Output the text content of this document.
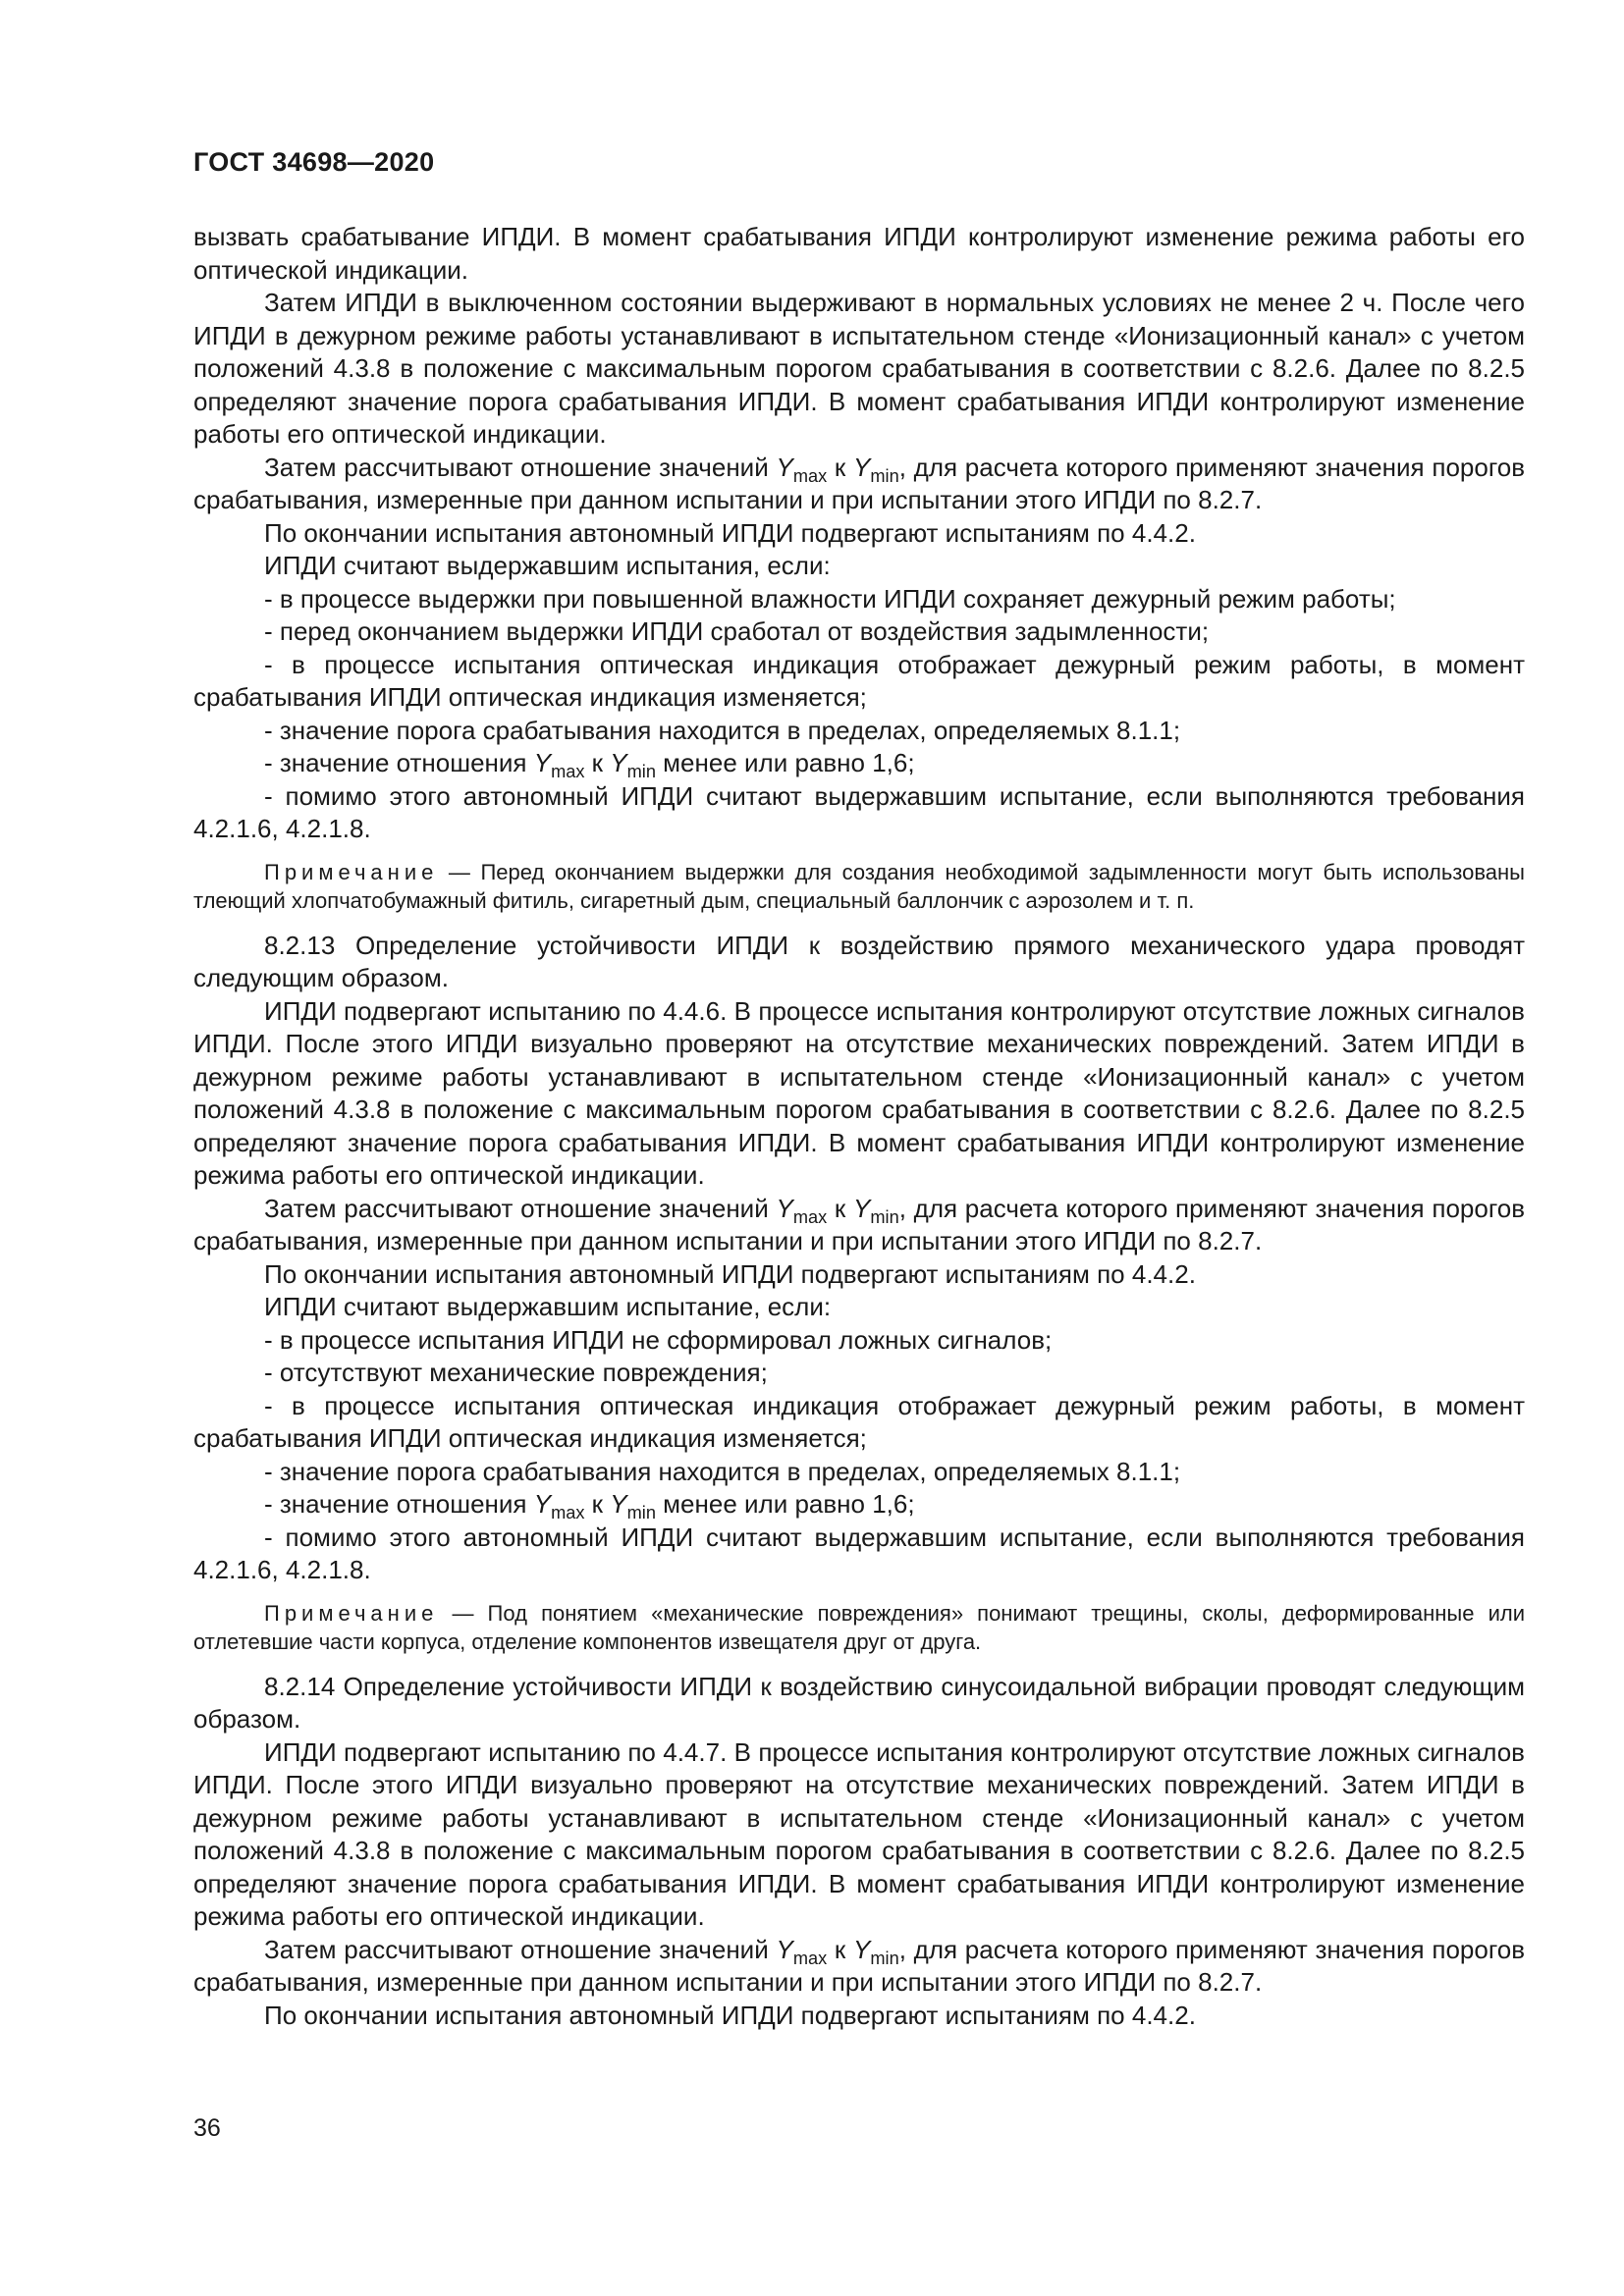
ГОСТ 34698—2020

вызвать срабатывание ИПДИ. В момент срабатывания ИПДИ контролируют изменение режима работы его оптической индикации.

Затем ИПДИ в выключенном состоянии выдерживают в нормальных условиях не менее 2 ч. После чего ИПДИ в дежурном режиме работы устанавливают в испытательном стенде «Ионизационный канал» с учетом положений 4.3.8 в положение с максимальным порогом срабатывания в соответствии с 8.2.6. Далее по 8.2.5 определяют значение порога срабатывания ИПДИ. В момент срабатывания ИПДИ контролируют изменение работы его оптической индикации.

Затем рассчитывают отношение значений $Y_{max}$ к $Y_{min}$, для расчета которого применяют значения порогов срабатывания, измеренные при данном испытании и при испытании этого ИПДИ по 8.2.7.

По окончании испытания автономный ИПДИ подвергают испытаниям по 4.4.2.

ИПДИ считают выдержавшим испытания, если:

- в процессе выдержки при повышенной влажности ИПДИ сохраняет дежурный режим работы;

- перед окончанием выдержки ИПДИ сработал от воздействия задымленности;

- в процессе испытания оптическая индикация отображает дежурный режим работы, в момент срабатывания ИПДИ оптическая индикация изменяется;

- значение порога срабатывания находится в пределах, определяемых 8.1.1;

- значение отношения $Y_{max}$ к $Y_{min}$ менее или равно 1,6;

- помимо этого автономный ИПДИ считают выдержавшим испытание, если выполняются требования 4.2.1.6, 4.2.1.8.

Примечание — Перед окончанием выдержки для создания необходимой задымленности могут быть использованы тлеющий хлопчатобумажный фитиль, сигаретный дым, специальный баллончик с аэрозолем и т. п.

8.2.13 Определение устойчивости ИПДИ к воздействию прямого механического удара проводят следующим образом.

ИПДИ подвергают испытанию по 4.4.6. В процессе испытания контролируют отсутствие ложных сигналов ИПДИ. После этого ИПДИ визуально проверяют на отсутствие механических повреждений. Затем ИПДИ в дежурном режиме работы устанавливают в испытательном стенде «Ионизационный канал» с учетом положений 4.3.8 в положение с максимальным порогом срабатывания в соответствии с 8.2.6. Далее по 8.2.5 определяют значение порога срабатывания ИПДИ. В момент срабатывания ИПДИ контролируют изменение режима работы его оптической индикации.

Затем рассчитывают отношение значений $Y_{max}$ к $Y_{min}$, для расчета которого применяют значения порогов срабатывания, измеренные при данном испытании и при испытании этого ИПДИ по 8.2.7.

По окончании испытания автономный ИПДИ подвергают испытаниям по 4.4.2.

ИПДИ считают выдержавшим испытание, если:

- в процессе испытания ИПДИ не сформировал ложных сигналов;

- отсутствуют механические повреждения;

- в процессе испытания оптическая индикация отображает дежурный режим работы, в момент срабатывания ИПДИ оптическая индикация изменяется;

- значение порога срабатывания находится в пределах, определяемых 8.1.1;

- значение отношения $Y_{max}$ к $Y_{min}$ менее или равно 1,6;

- помимо этого автономный ИПДИ считают выдержавшим испытание, если выполняются требования 4.2.1.6, 4.2.1.8.

Примечание — Под понятием «механические повреждения» понимают трещины, сколы, деформированные или отлетевшие части корпуса, отделение компонентов извещателя друг от друга.

8.2.14 Определение устойчивости ИПДИ к воздействию синусоидальной вибрации проводят следующим образом.

ИПДИ подвергают испытанию по 4.4.7. В процессе испытания контролируют отсутствие ложных сигналов ИПДИ. После этого ИПДИ визуально проверяют на отсутствие механических повреждений. Затем ИПДИ в дежурном режиме работы устанавливают в испытательном стенде «Ионизационный канал» с учетом положений 4.3.8 в положение с максимальным порогом срабатывания в соответствии с 8.2.6. Далее по 8.2.5 определяют значение порога срабатывания ИПДИ. В момент срабатывания ИПДИ контролируют изменение режима работы его оптической индикации.

Затем рассчитывают отношение значений $Y_{max}$ к $Y_{min}$, для расчета которого применяют значения порогов срабатывания, измеренные при данном испытании и при испытании этого ИПДИ по 8.2.7.

По окончании испытания автономный ИПДИ подвергают испытаниям по 4.4.2.

36
